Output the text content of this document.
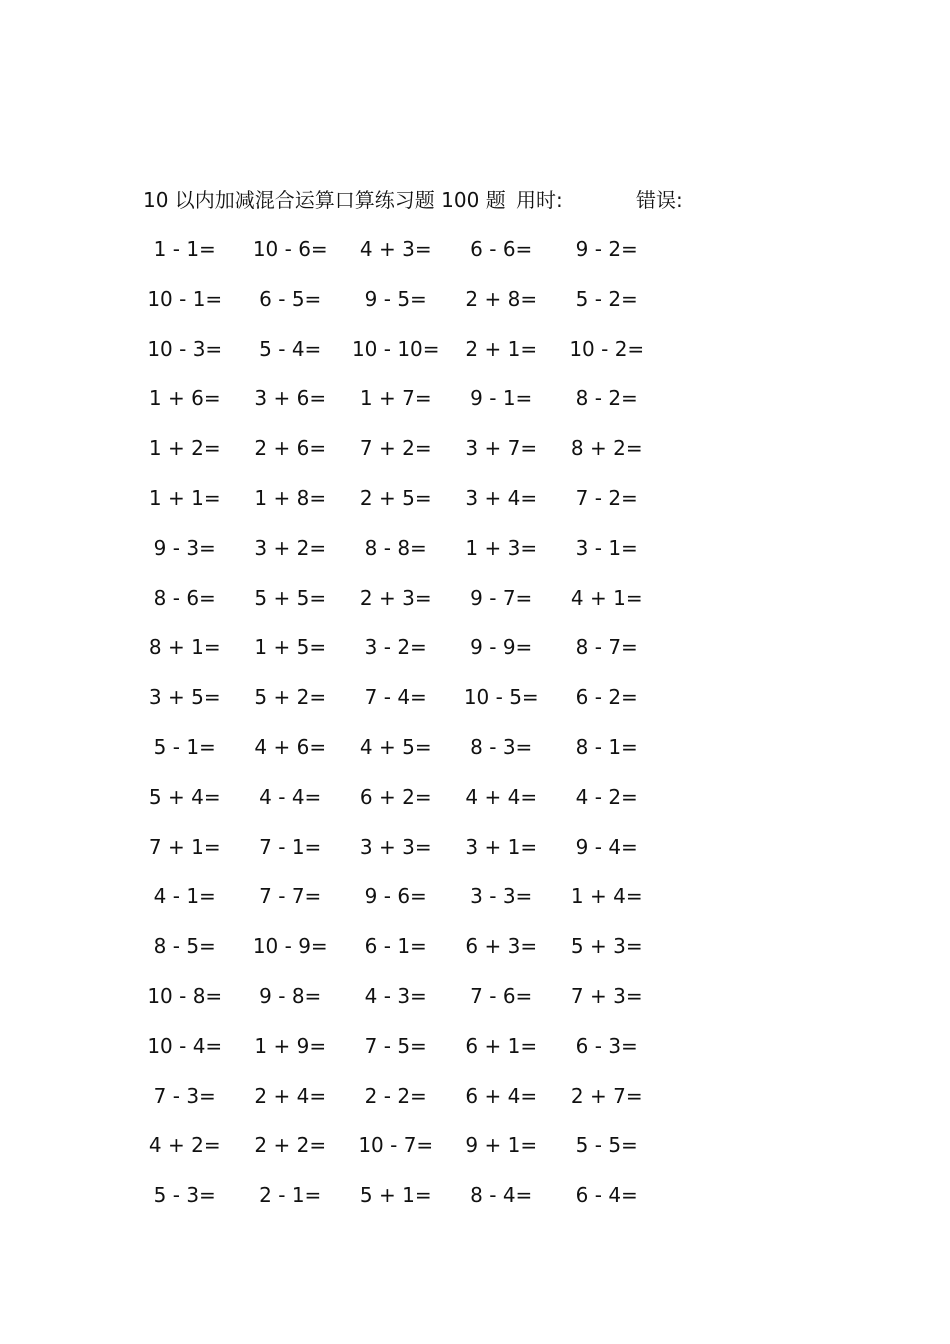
10 以内加减混合运算口算练习题 100 题 用时:	错误:
1 - 1=	10 - 6=	4 + 3=	6 - 6=	9 - 2=
10 - 1=	6 - 5=	9 - 5=	2 + 8=	5 - 2=
10 - 3=	5 - 4=	10 - 10=	2 + 1=	10 - 2=
1 + 6=	3 + 6=	1 + 7=	9 - 1=	8 - 2=
1 + 2=	2 + 6=	7 + 2=	3 + 7=	8 + 2=
1 + 1=	1 + 8=	2 + 5=	3 + 4=	7 - 2=
9 - 3=	3 + 2=	8 - 8=	1 + 3=	3 - 1=
8 - 6=	5 + 5=	2 + 3=	9 - 7=	4 + 1=
8 + 1=	1 + 5=	3 - 2=	9 - 9=	8 - 7=
3 + 5=	5 + 2=	7 - 4=	10 - 5=	6 - 2=
5 - 1=	4 + 6=	4 + 5=	8 - 3=	8 - 1=
5 + 4=	4 - 4=	6 + 2=	4 + 4=	4 - 2=
7 + 1=	7 - 1=	3 + 3=	3 + 1=	9 - 4=
4 - 1=	7 - 7=	9 - 6=	3 - 3=	1 + 4=
8 - 5=	10 - 9=	6 - 1=	6 + 3=	5 + 3=
10 - 8=	9 - 8=	4 - 3=	7 - 6=	7 + 3=
10 - 4=	1 + 9=	7 - 5=	6 + 1=	6 - 3=
7 - 3=	2 + 4=	2 - 2=	6 + 4=	2 + 7=
4 + 2=	2 + 2=	10 - 7=	9 + 1=	5 - 5=
5 - 3=	2 - 1=	5 + 1=	8 - 4=	6 - 4=
